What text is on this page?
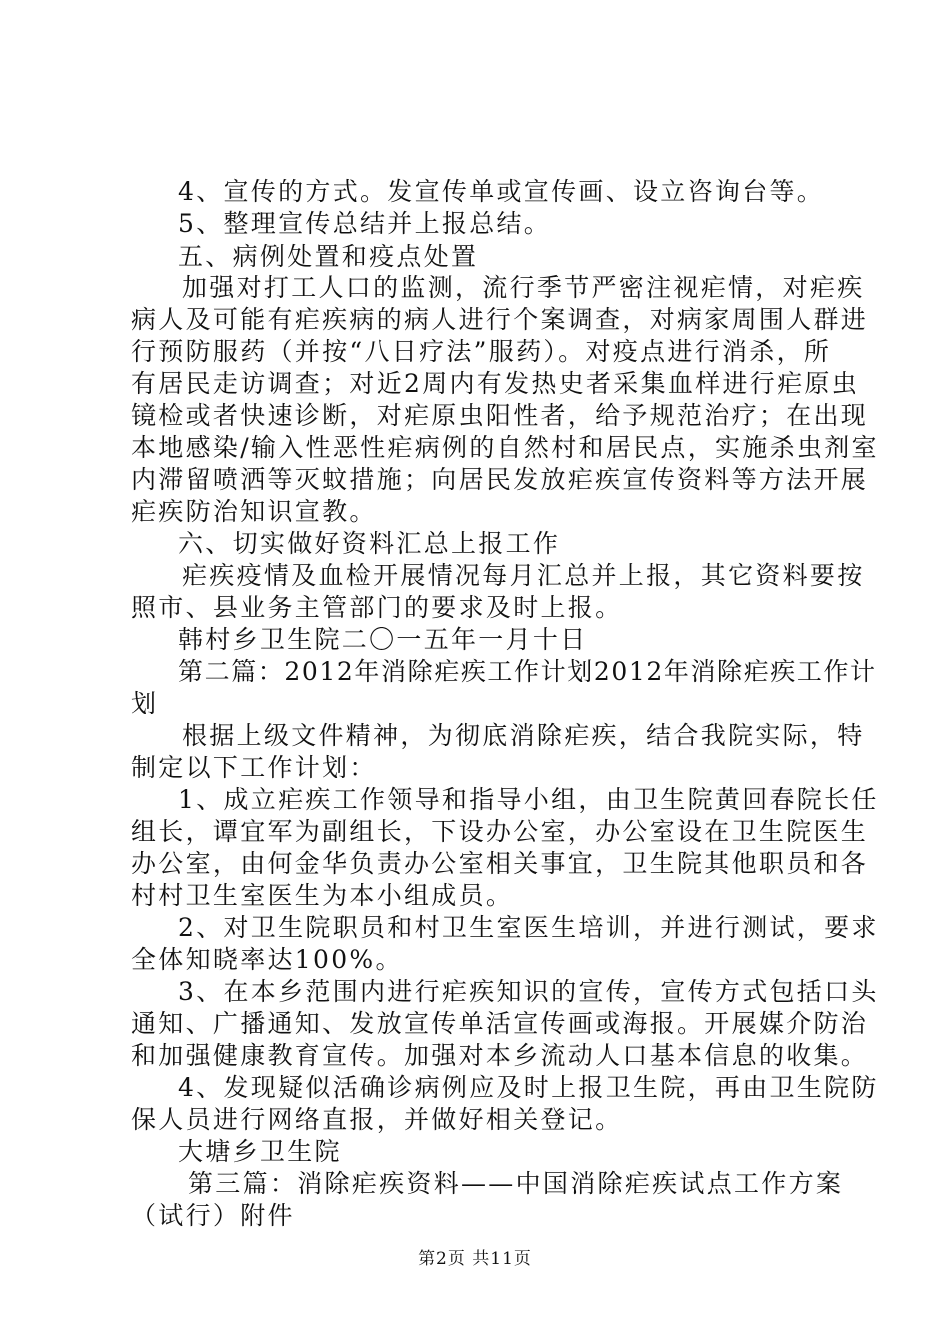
4、宣传的方式。发宣传单或宣传画、设立咨询台等。
5、整理宣传总结并上报总结。
五、病例处置和疫点处置
加强对打工人口的监测，流行季节严密注视疟情，对疟疾
病人及可能有疟疾病的病人进行个案调查，对病家周围人群进
行预防服药（并按“八日疗法”服药）。对疫点进行消杀，所
有居民走访调查；对近2周内有发热史者采集血样进行疟原虫
镜检或者快速诊断，对疟原虫阳性者，给予规范治疗；在出现
本地感染/输入性恶性疟病例的自然村和居民点，实施杀虫剂室
内滞留喷洒等灭蚊措施；向居民发放疟疾宣传资料等方法开展
疟疾防治知识宣教。
六、切实做好资料汇总上报工作
疟疾疫情及血检开展情况每月汇总并上报，其它资料要按
照市、县业务主管部门的要求及时上报。
韩村乡卫生院二〇一五年一月十日
第二篇：2012年消除疟疾工作计划2012年消除疟疾工作计
划
根据上级文件精神，为彻底消除疟疾，结合我院实际，特
制定以下工作计划：
1、成立疟疾工作领导和指导小组，由卫生院黄回春院长任
组长，谭宜军为副组长，下设办公室，办公室设在卫生院医生
办公室，由何金华负责办公室相关事宜，卫生院其他职员和各
村村卫生室医生为本小组成员。
2、对卫生院职员和村卫生室医生培训，并进行测试，要求
全体知晓率达100%。
3、在本乡范围内进行疟疾知识的宣传，宣传方式包括口头
通知、广播通知、发放宣传单活宣传画或海报。开展媒介防治
和加强健康教育宣传。加强对本乡流动人口基本信息的收集。
4、发现疑似活确诊病例应及时上报卫生院，再由卫生院防
保人员进行网络直报，并做好相关登记。
大塘乡卫生院
第三篇：消除疟疾资料——中国消除疟疾试点工作方案
（试行）附件
第2页 共11页
